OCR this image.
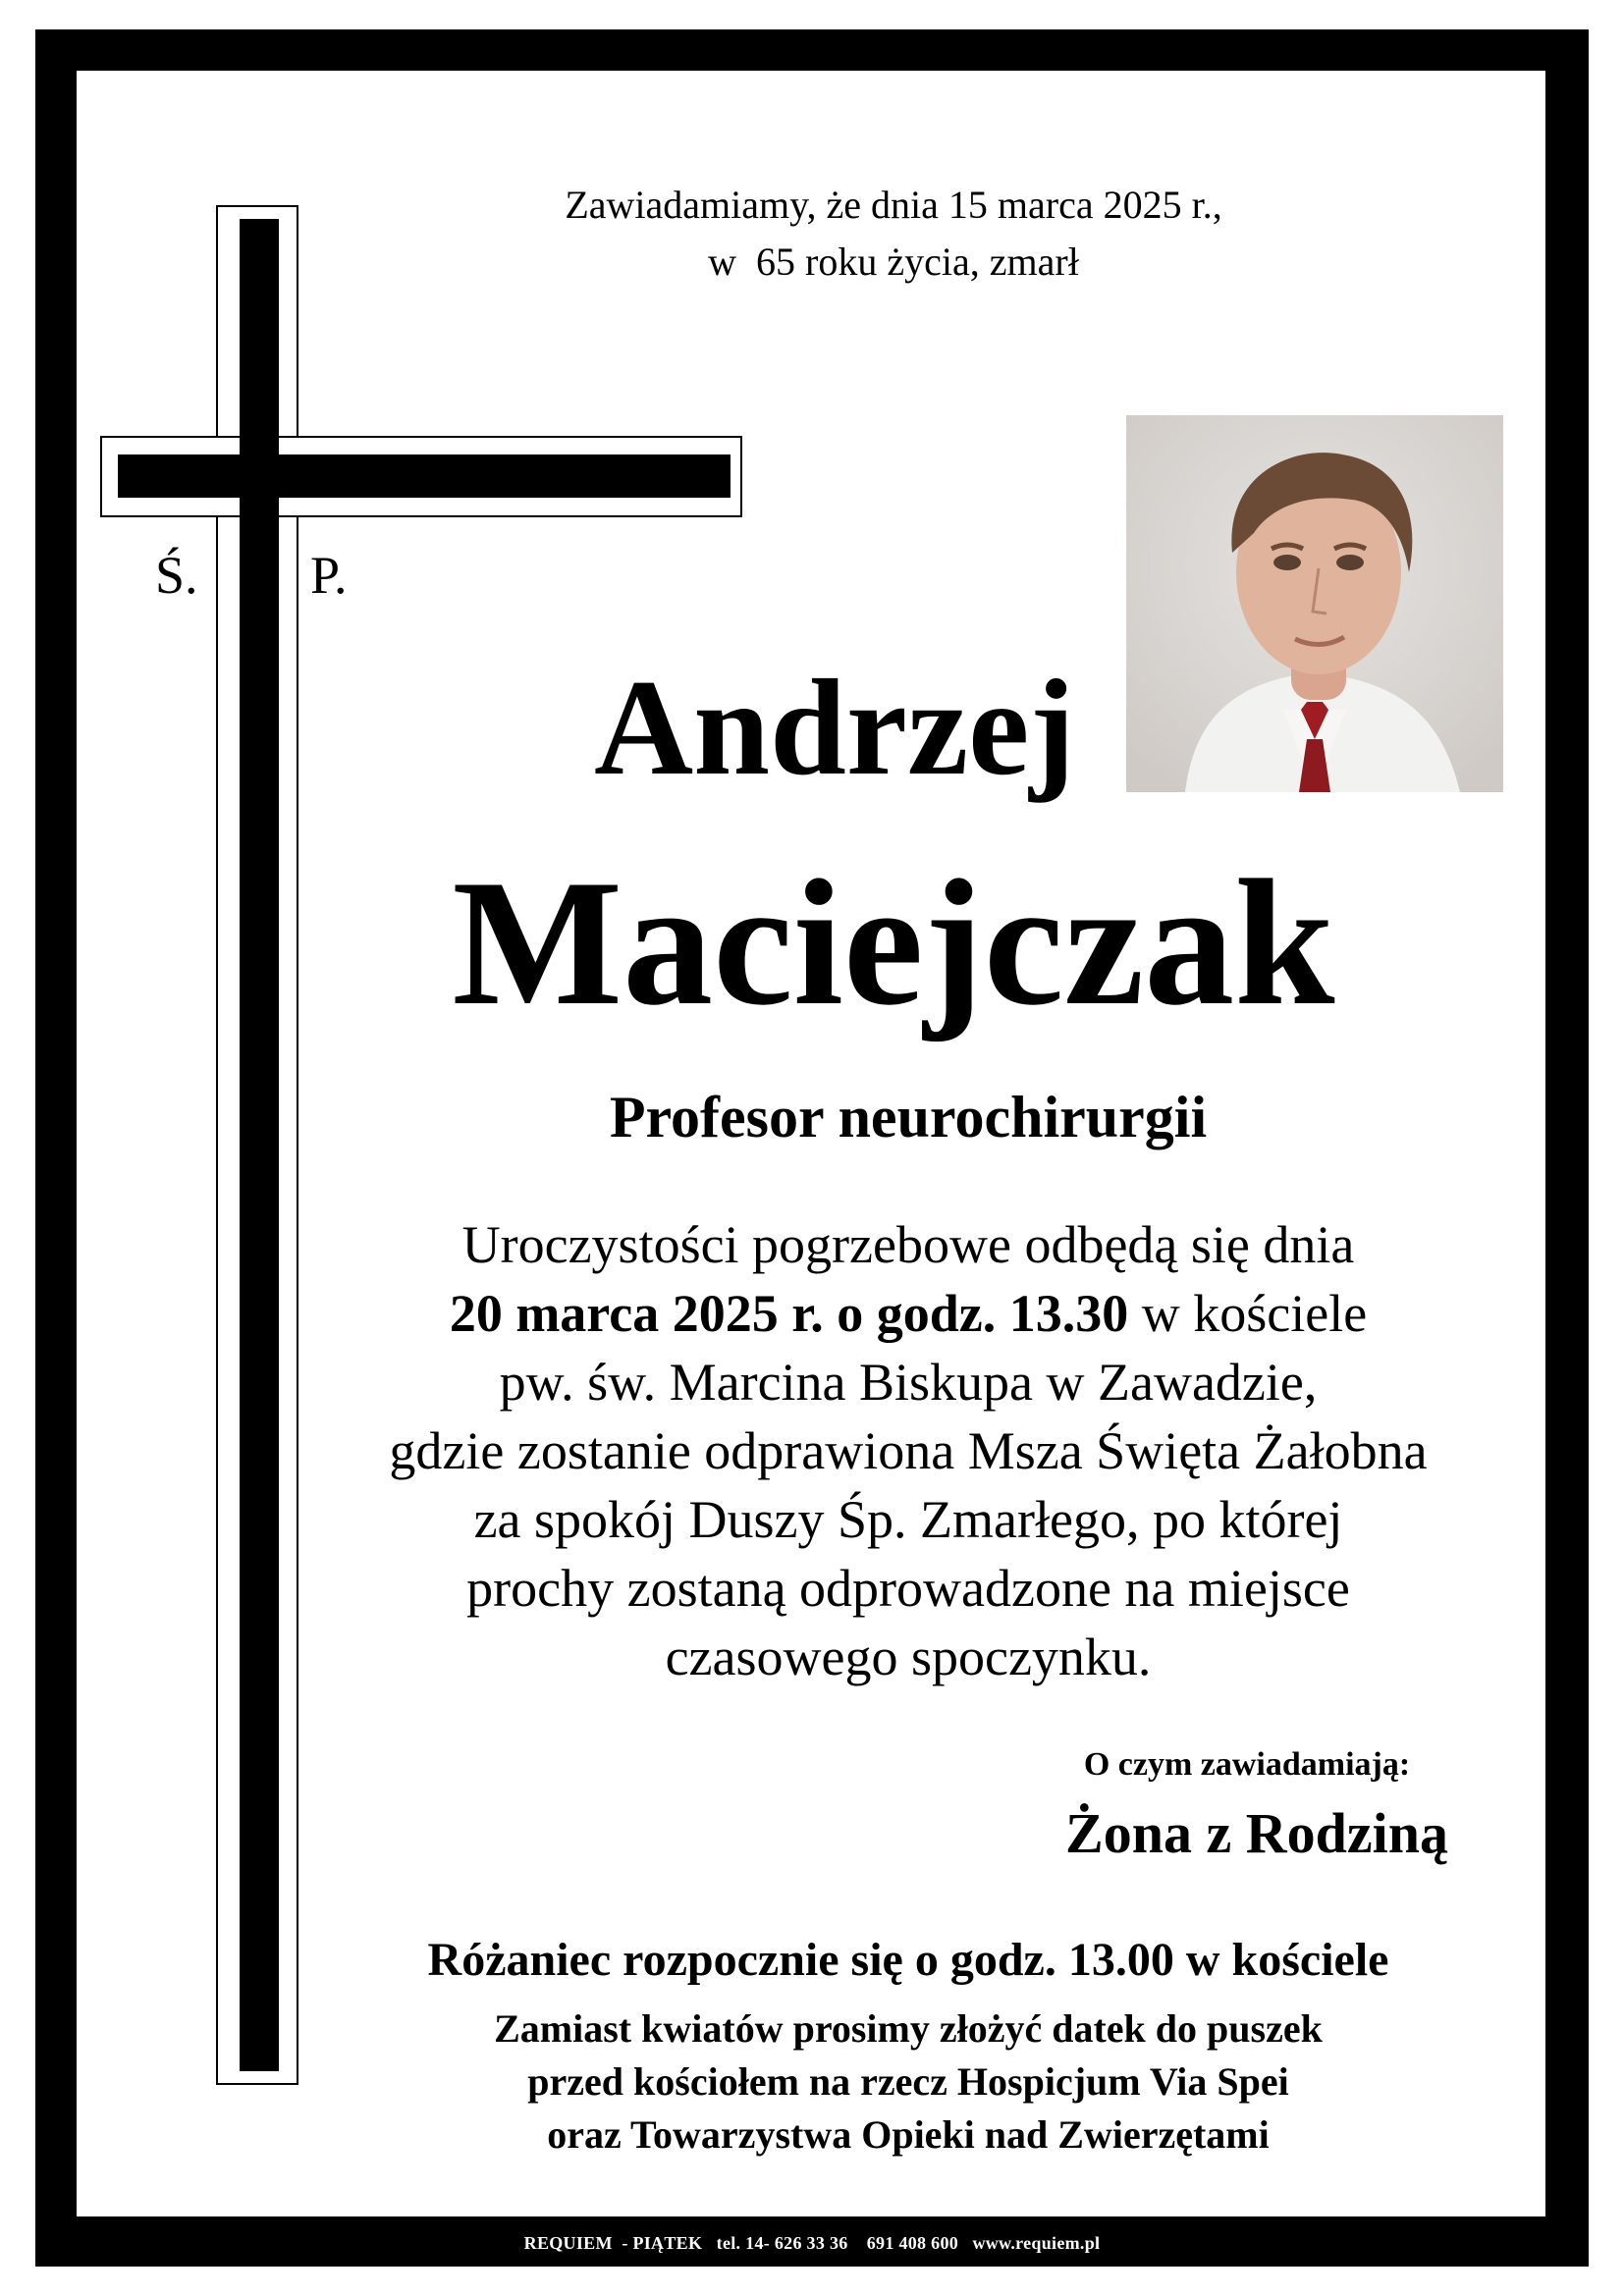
REQUIEM  - PIĄTEK   tel. 14- 626 33 36    691 408 600   www.requiem.pl
Ś. P.
Zawiadamiamy, że dnia 15 marca 2025 r.,
w  65 roku życia, zmarł
Andrzej
Maciejczak
Profesor neurochirurgii
Uroczystości pogrzebowe odbędą się dnia
20 marca 2025 r. o godz. 13.30 w kościele
pw. św. Marcina Biskupa w Zawadzie,
gdzie zostanie odprawiona Msza Święta Żałobna
za spokój Duszy Śp. Zmarłego, po której
prochy zostaną odprowadzone na miejsce
czasowego spoczynku.
O czym zawiadamiają:
Żona z Rodziną
Różaniec rozpocznie się o godz. 13.00 w kościele
Zamiast kwiatów prosimy złożyć datek do puszek
przed kościołem na rzecz Hospicjum Via Spei
oraz Towarzystwa Opieki nad Zwierzętami
